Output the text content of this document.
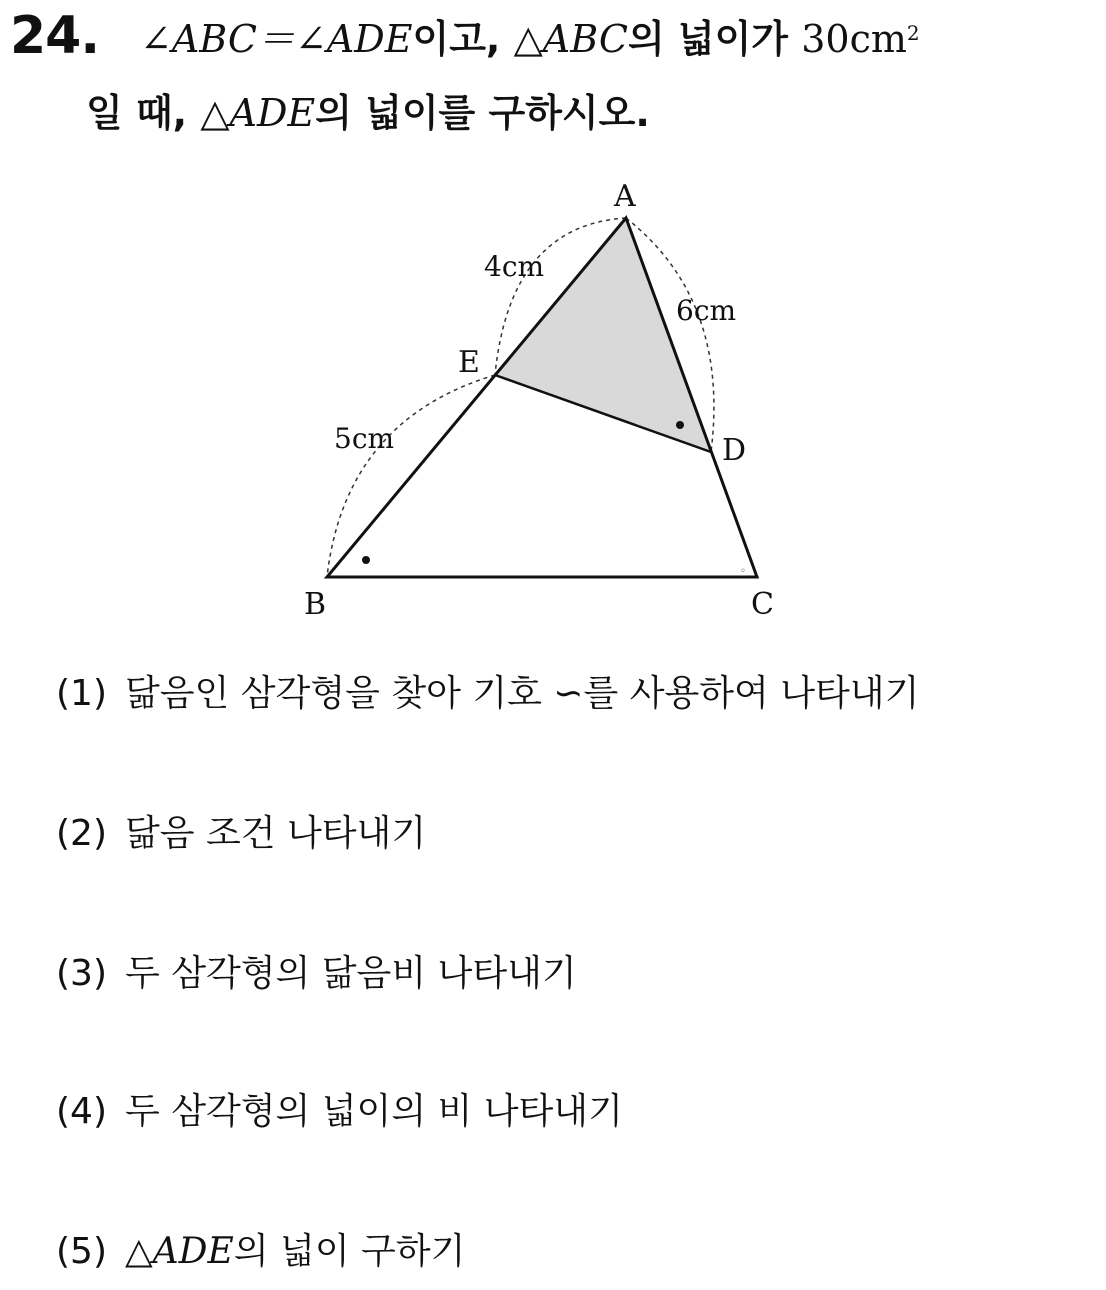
24. ∠ABC＝∠ADE이고, △ABC의 넓이가 $30cm^2$
일 때, △ADE의 넓이를 구하시오.
◦
A
E
D
B	C
4cm
6cm
5cm
(1) 닮음인 삼각형을 찾아 기호 ∽를 사용하여 나타내기
(2) 닮음 조건 나타내기
(3) 두 삼각형의 닮음비 나타내기
(4) 두 삼각형의 넓이의 비 나타내기
(5) △ADE의 넓이 구하기
